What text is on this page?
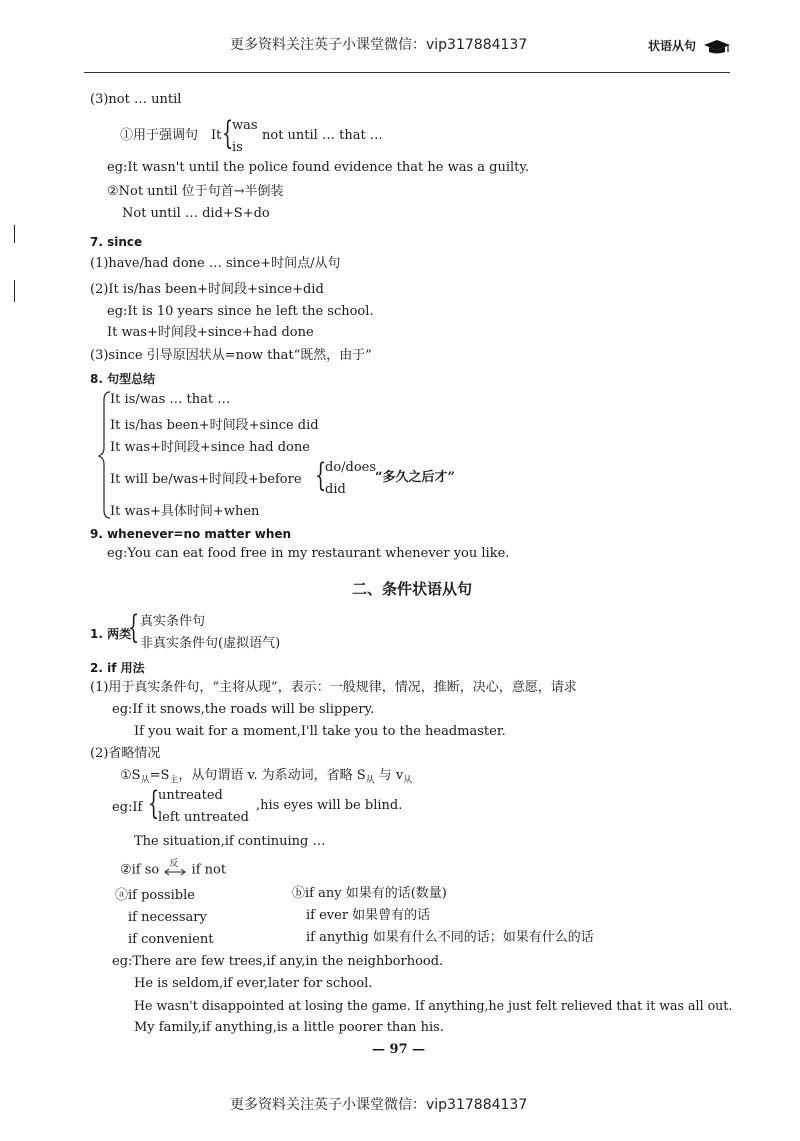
更多资料关注英子小课堂微信：vip317884137	状语从句
(3)not … until
①用于强调句　It {
was
is
not until … that …
eg:It wasn't until the police found evidence that he was a guilty.
②Not until 位于句首→半倒装
Not until … did+S+do
7. since
(1)have/had done … since+时间点/从句
(2)It is/has been+时间段+since+did
eg:It is 10 years since he left the school.
It was+时间段+since+had done
(3)since 引导原因状从=now that“既然，由于”
8. 句型总结
It is/was … that …
It is/has been+时间段+since did
It was+时间段+since had done
It will be/was+时间段+before {
do/does
did
“多久之后才”
It was+具体时间+when
9. whenever=no matter when
eg:You can eat food free in my restaurant whenever you like.
二、条件状语从句
1. 两类
{ 真实条件句
非真实条件句(虚拟语气)
2. if 用法
(1)用于真实条件句，“主将从现”，表示：一般规律，情况，推断，决心，意愿，请求
eg:If it snows,the roads will be slippery.
If you wait for a moment,I'll take you to the headmaster.
(2)省略情况
$①S_从=S_主$，从句谓语 v. 为系动词，省略 $S_从$ 与 $v_从$
eg:If {
untreated
left untreated
,his eyes will be blind.
The situation,if continuing …
②if so 反 if not
ⓐif possible
if necessary
if convenient
ⓑif any 如果有的话(数量)
if ever 如果曾有的话
if anythig 如果有什么不同的话；如果有什么的话
eg:There are few trees,if any,in the neighborhood.
He is seldom,if ever,later for school.
He wasn't disappointed at losing the game. If anything,he just felt relieved that it was all out.
My family,if anything,is a little poorer than his.
— 97 —
更多资料关注英子小课堂微信：vip317884137
